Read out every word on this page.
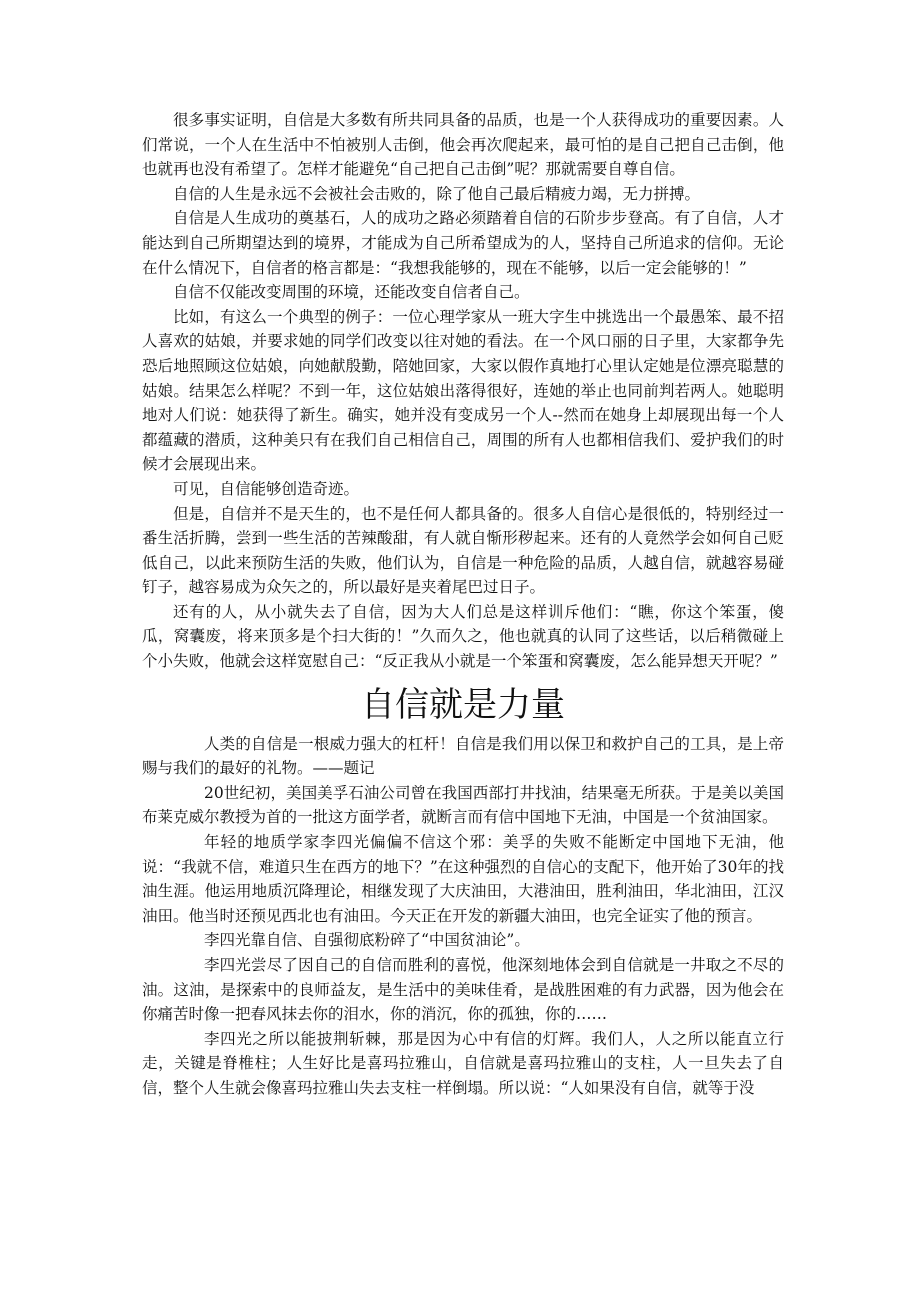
很多事实证明，自信是大多数有所共同具备的品质，也是一个人获得成功的重要因素。人们常说，一个人在生活中不怕被别人击倒，他会再次爬起来，最可怕的是自己把自己击倒，他也就再也没有希望了。怎样才能避免“自己把自己击倒”呢？那就需要自尊自信。

自信的人生是永远不会被社会击败的，除了他自己最后精疲力竭，无力拼搏。

自信是人生成功的奠基石，人的成功之路必须踏着自信的石阶步步登高。有了自信，人才能达到自己所期望达到的境界，才能成为自己所希望成为的人，坚持自己所追求的信仰。无论在什么情况下，自信者的格言都是：“我想我能够的，现在不能够，以后一定会能够的！”

自信不仅能改变周围的环境，还能改变自信者自己。

比如，有这么一个典型的例子：一位心理学家从一班大字生中挑选出一个最愚笨、最不招人喜欢的姑娘，并要求她的同学们改变以往对她的看法。在一个风口丽的日子里，大家都争先恐后地照顾这位姑娘，向她献殷勤，陪她回家，大家以假作真地打心里认定她是位漂亮聪慧的姑娘。结果怎么样呢？不到一年，这位姑娘出落得很好，连她的举止也同前判若两人。她聪明地对人们说：她获得了新生。确实，她并没有变成另一个人--然而在她身上却展现出每一个人都蕴藏的潜质，这种美只有在我们自己相信自己，周围的所有人也都相信我们、爱护我们的时候才会展现出来。

可见，自信能够创造奇迹。

但是，自信并不是天生的，也不是任何人都具备的。很多人自信心是很低的，特别经过一番生活折腾，尝到一些生活的苦辣酸甜，有人就自惭形秽起来。还有的人竟然学会如何自己贬低自己，以此来预防生活的失败，他们认为，自信是一种危险的品质，人越自信，就越容易碰钉子，越容易成为众矢之的，所以最好是夹着尾巴过日子。

还有的人，从小就失去了自信，因为大人们总是这样训斥他们：“瞧，你这个笨蛋，傻瓜，窝囊废，将来顶多是个扫大街的！”久而久之，他也就真的认同了这些话，以后稍微碰上个小失败，他就会这样宽慰自己：“反正我从小就是一个笨蛋和窝囊废，怎么能异想天开呢？”

自信就是力量

人类的自信是一根威力强大的杠杆！自信是我们用以保卫和救护自己的工具，是上帝赐与我们的最好的礼物。——题记

20世纪初，美国美孚石油公司曾在我国西部打井找油，结果毫无所获。于是美以美国布莱克威尔教授为首的一批这方面学者，就断言而有信中国地下无油，中国是一个贫油国家。

年轻的地质学家李四光偏偏不信这个邪：美孚的失败不能断定中国地下无油，他说：“我就不信，难道只生在西方的地下？”在这种强烈的自信心的支配下，他开始了30年的找油生涯。他运用地质沉降理论，相继发现了大庆油田，大港油田，胜利油田，华北油田，江汉油田。他当时还预见西北也有油田。今天正在开发的新疆大油田，也完全证实了他的预言。

李四光靠自信、自强彻底粉碎了“中国贫油论”。

李四光尝尽了因自己的自信而胜利的喜悦，他深刻地体会到自信就是一井取之不尽的油。这油，是探索中的良师益友，是生活中的美味佳肴，是战胜困难的有力武器，因为他会在你痛苦时像一把春风抹去你的泪水，你的消沉，你的孤独，你的……

李四光之所以能披荆斩棘，那是因为心中有信的灯辉。我们人，人之所以能直立行走，关键是脊椎柱；人生好比是喜玛拉雅山，自信就是喜玛拉雅山的支柱，人一旦失去了自信，整个人生就会像喜玛拉雅山失去支柱一样倒塌。所以说：“人如果没有自信，就等于没
